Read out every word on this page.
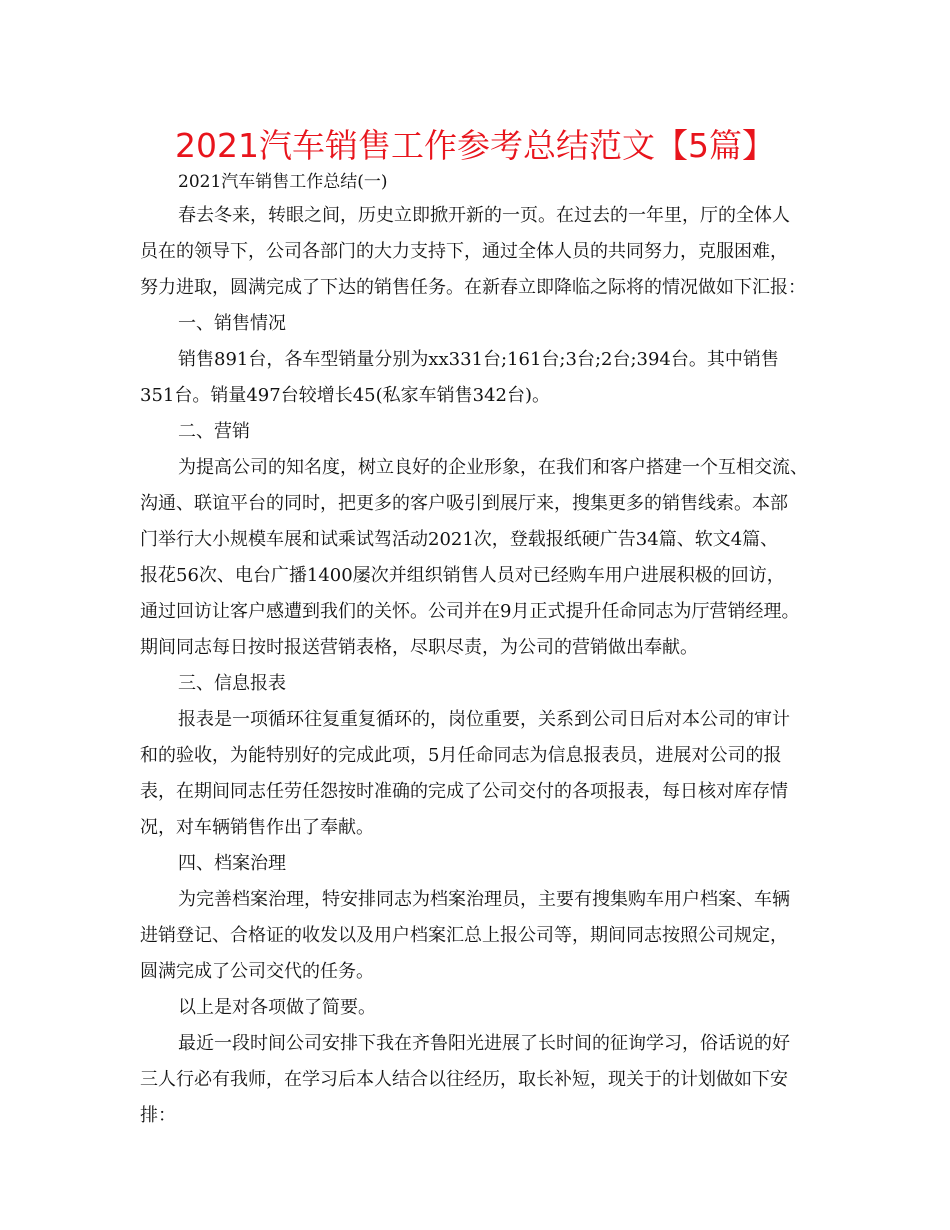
2021汽车销售工作参考总结范文【5篇】

2021汽车销售工作总结(一)

春去冬来，转眼之间，历史立即掀开新的一页。在过去的一年里，厅的全体人

员在的领导下，公司各部门的大力支持下，通过全体人员的共同努力，克服困难，

努力进取，圆满完成了下达的销售任务。在新春立即降临之际将的情况做如下汇报：

一、销售情况

销售891台，各车型销量分别为xx331台;161台;3台;2台;394台。其中销售

351台。销量497台较增长45(私家车销售342台)。

二、营销

为提高公司的知名度，树立良好的企业形象，在我们和客户搭建一个互相交流、

沟通、联谊平台的同时，把更多的客户吸引到展厅来，搜集更多的销售线索。本部

门举行大小规模车展和试乘试驾活动2021次，登载报纸硬广告34篇、软文4篇、

报花56次、电台广播1400屡次并组织销售人员对已经购车用户进展积极的回访，

通过回访让客户感遭到我们的关怀。公司并在9月正式提升任命同志为厅营销经理。

期间同志每日按时报送营销表格，尽职尽责，为公司的营销做出奉献。

三、信息报表

报表是一项循环往复重复循环的，岗位重要，关系到公司日后对本公司的审计

和的验收，为能特别好的完成此项，5月任命同志为信息报表员，进展对公司的报

表，在期间同志任劳任怨按时准确的完成了公司交付的各项报表，每日核对库存情

况，对车辆销售作出了奉献。

四、档案治理

为完善档案治理，特安排同志为档案治理员，主要有搜集购车用户档案、车辆

进销登记、合格证的收发以及用户档案汇总上报公司等，期间同志按照公司规定，

圆满完成了公司交代的任务。

以上是对各项做了简要。

最近一段时间公司安排下我在齐鲁阳光进展了长时间的征询学习，俗话说的好

三人行必有我师，在学习后本人结合以往经历，取长补短，现关于的计划做如下安

排：
